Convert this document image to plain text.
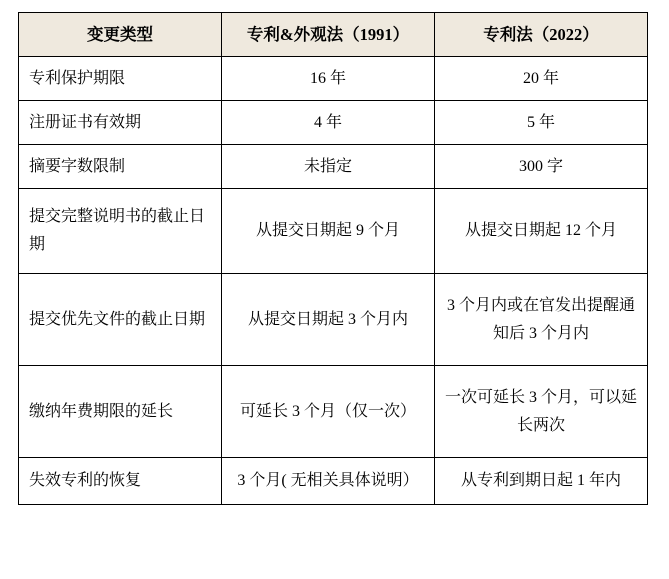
变更类型	专利&外观法（1991）	专利法（2022）
专利保护期限	16 年	20 年
注册证书有效期	4 年	5 年
摘要字数限制	未指定	300 字
提交完整说明书的截止日期	从提交日期起 9 个月	从提交日期起 12 个月
提交优先文件的截止日期	从提交日期起 3 个月内	3 个月内或在官发出提醒通知后 3 个月内
缴纳年费期限的延长	可延长 3 个月（仅一次）	一次可延长 3 个月，可以延长两次
失效专利的恢复	3 个月( 无相关具体说明）	从专利到期日起 1 年内
